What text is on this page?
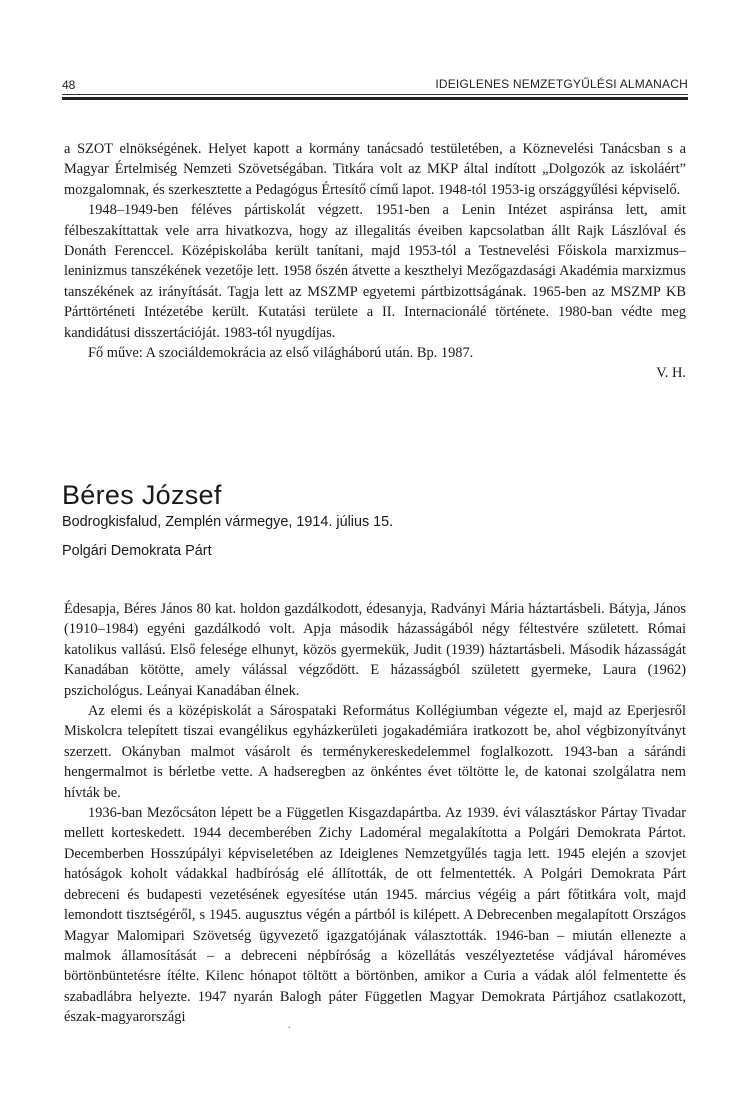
48	IDEIGLENES NEMZETGYŰLÉSI ALMANACH

a SZOT elnökségének. Helyet kapott a kormány tanácsadó testületében, a Köznevelési Tanácsban s a Magyar Értelmiség Nemzeti Szövetségában. Titkára volt az MKP által indított „Dolgozók az iskoláért” mozgalomnak, és szerkesztette a Pedagógus Értesítő című lapot. 1948-tól 1953-ig országgyűlési képviselő.

1948–1949-ben féléves pártiskolát végzett. 1951-ben a Lenin Intézet aspiránsa lett, amit félbeszakíttattak vele arra hivatkozva, hogy az illegalitás éveiben kapcsolatban állt Rajk Lászlóval és Donáth Ferenccel. Középiskolába került tanítani, majd 1953-tól a Testnevelési Főiskola marxizmus–leninizmus tanszékének vezetője lett. 1958 őszén átvette a keszthelyi Mezőgazdasági Akadémia marxizmus tanszékének az irányítását. Tagja lett az MSZMP egyetemi pártbizottságának. 1965-ben az MSZMP KB Párttörténeti Intézetébe került. Kutatási területe a II. Internacionálé története. 1980-ban védte meg kandidátusi disszertációját. 1983-tól nyugdíjas.

Fő műve: A szociáldemokrácia az első világháború után. Bp. 1987.

V. H.

Béres József
Bodrogkisfalud, Zemplén vármegye, 1914. július 15.
Polgári Demokrata Párt

Édesapja, Béres János 80 kat. holdon gazdálkodott, édesanyja, Radványi Mária háztartásbeli. Bátyja, János (1910–1984) egyéni gazdálkodó volt. Apja második házasságából négy féltestvére született. Római katolikus vallású. Első felesége elhunyt, közös gyermekük, Judit (1939) háztartásbeli. Második házasságát Kanadában kötötte, amely válással végződött. E házasságból született gyermeke, Laura (1962) pszichológus. Leányai Kanadában élnek.

Az elemi és a középiskolát a Sárospataki Református Kollégiumban végezte el, majd az Eperjesről Miskolcra telepített tiszai evangélikus egyházkerületi jogakadémiára iratkozott be, ahol végbizonyítványt szerzett. Okányban malmot vásárolt és terménykereskedelemmel foglalkozott. 1943-ban a sárándi hengermalmot is bérletbe vette. A hadseregben az önkéntes évet töltötte le, de katonai szolgálatra nem hívták be.

1936-ban Mezőcsáton lépett be a Független Kisgazdapártba. Az 1939. évi választáskor Pártay Tivadar mellett korteskedett. 1944 decemberében Zichy Ladoméral megalakította a Polgári Demokrata Pártot. Decemberben Hosszúpályi képviseletében az Ideiglenes Nemzetgyűlés tagja lett. 1945 elején a szovjet hatóságok koholt vádakkal hadbíróság elé állították, de ott felmentették. A Polgári Demokrata Párt debreceni és budapesti vezetésének egyesítése után 1945. március végéig a párt főtitkára volt, majd lemondott tisztségéről, s 1945. augusztus végén a pártból is kilépett. A Debrecenben megalapított Országos Magyar Malomipari Szövetség ügyvezető igazgatójának választották. 1946-ban – miután ellenezte a malmok államosítását – a debreceni népbíróság a közellátás veszélyeztetése vádjával hároméves börtönbüntetésre ítélte. Kilenc hónapot töltött a börtönben, amikor a Curia a vádak alól felmentette és szabadlábra helyezte. 1947 nyarán Balogh páter Független Magyar Demokrata Pártjához csatlakozott, észak-magyarországi

.
